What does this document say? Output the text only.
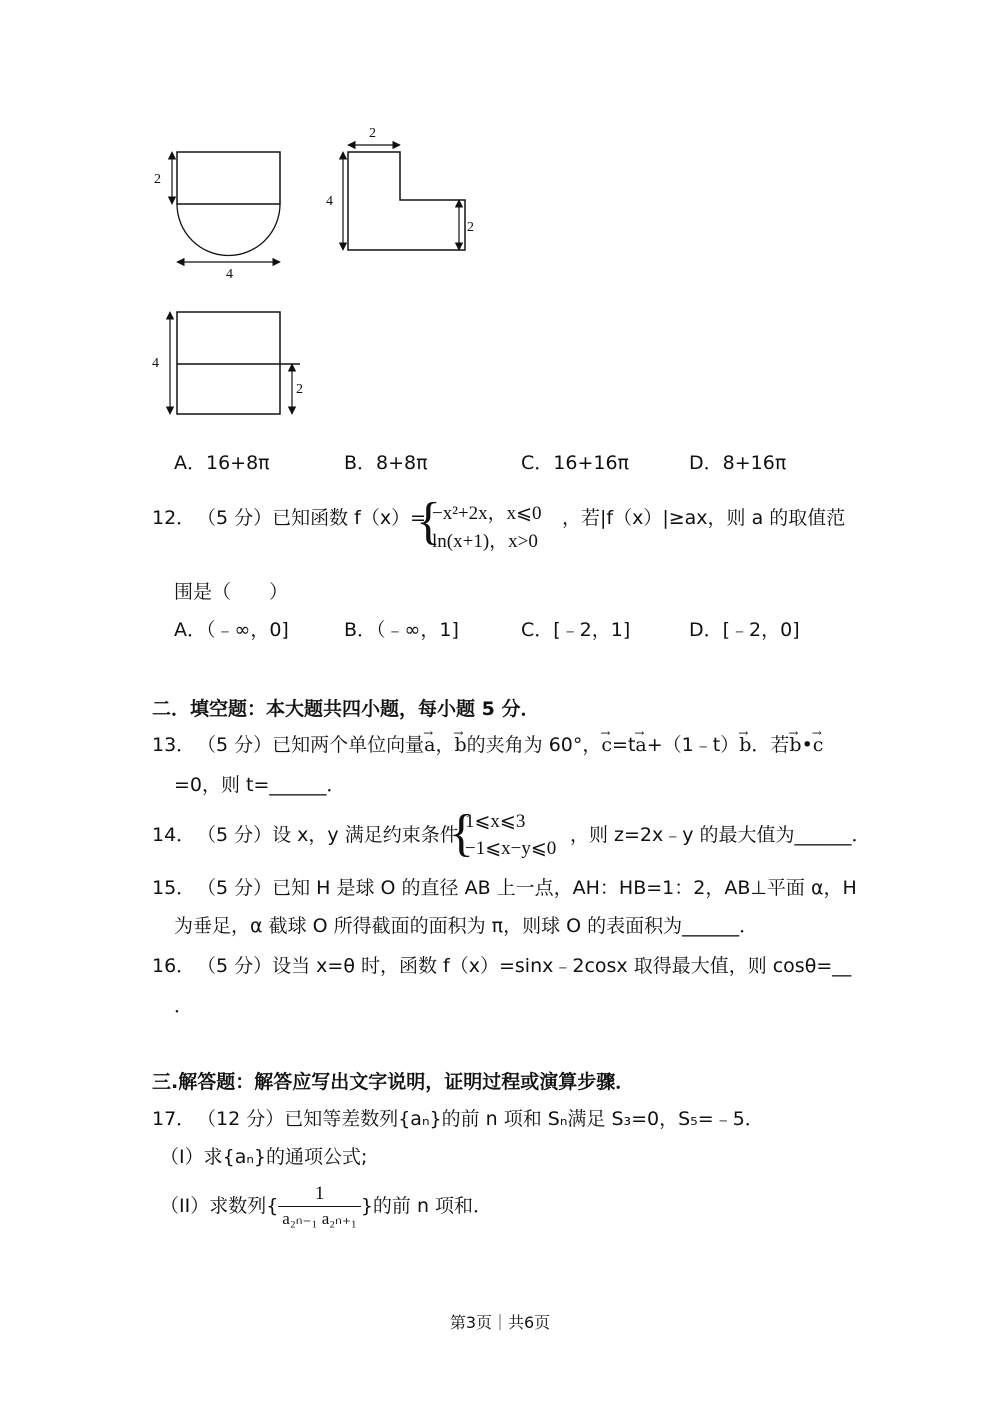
2
4
2
4
2
4
2
A．16+8π	B．8+8π	C．16+16π	D．8+16π
12． （5 分）已知函数 f（x）=
{
−x²+2x，x⩽0
ln(x+1)，x>0
，若|f（x）|≥ax，则 a 的取值范
围是（　　）
A．（﹣∞，0]	B．（﹣∞，1]	C．[﹣2，1]	D．[﹣2，0]
二．填空题：本大题共四小题，每小题 5 分．
13． （5 分）已知两个单位向量→ a，→ b的夹角为 60°，→ c=t→ a+（1﹣t）→ b．若→ b•→ c
=0，则 t=______．
14． （5 分）设 x，y 满足约束条件
{
1⩽x⩽3
−1⩽x−y⩽0
，则 z=2x﹣y 的最大值为______．
15． （5 分）已知 H 是球 O 的直径 AB 上一点，AH：HB=1：2，AB⊥平面 α，H
为垂足，α 截球 O 所得截面的面积为 π，则球 O 的表面积为______．
16． （5 分）设当 x=θ 时，函数 f（x）=sinx﹣2cosx 取得最大值，则 cosθ=__
．
三.解答题：解答应写出文字说明，证明过程或演算步骤．
17． （12 分）已知等差数列{aₙ}的前 n 项和 Sₙ满足 S₃=0，S₅=﹣5．
（I）求{aₙ}的通项公式;
（II）求数列{ $\frac{1}{\text{a₂ₙ₋₁ a₂ₙ₊₁}}$ }的前 n 项和．
第3页｜共6页
